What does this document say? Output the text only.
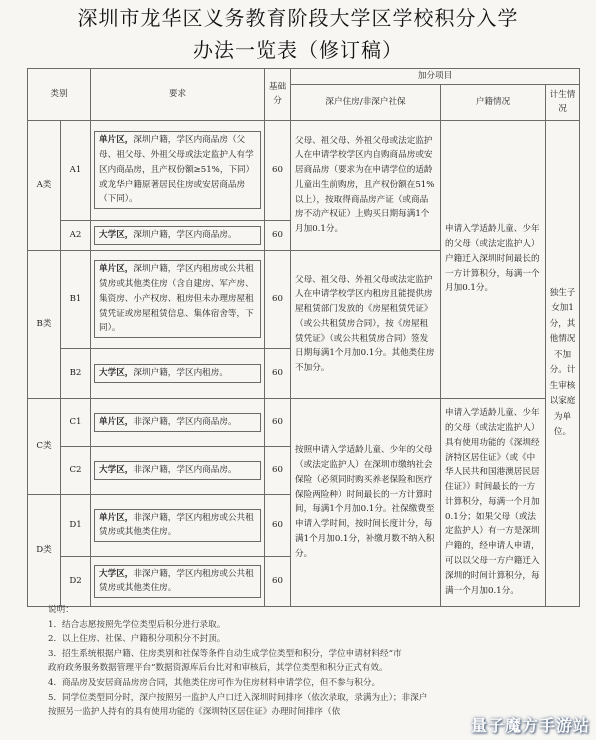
深圳市龙华区义务教育阶段大学区学校积分入学
办法一览表（修订稿）
类别		要求	基础分	加分项目		
				深户住房/非深户社保	户籍情况	计生情况
A类	A1	单片区，深圳户籍，学区内商品房（父母、祖父母、外祖父母或法定监护人有学区内商品房，且产权份额≥51%，下同）或龙华户籍原著居民住房或安居商品房（下同）。	60	父母、祖父母、外祖父母或法定监护人在申请学校学区内自购商品房或安居商品房（要求为在申请学位的适龄儿童出生前购房，且产权份额在51%以上），按取得商品房产证（或商品房不动产权证）上购买日期每满1个月加0.1分。	申请入学适龄儿童、少年的父母（或法定监护人）户籍迁入深圳时间最长的一方计算积分，每满一个月加0.1分。	独生子女加1分，其他情况不加分。计生审核以家庭为单位。
	A2	大学区，深圳户籍，学区内商品房。	60			
B类	B1	单片区，深圳户籍，学区内租房或公共租赁房或其他类住房（含自建房、军产房、集资房、小产权房、租房但未办理房屋租赁凭证或房屋租赁信息、集体宿舍等，下同）。	60	父母、祖父母、外祖父母或法定监护人在申请学校学区内租房且能提供房屋租赁部门发放的《房屋租赁凭证》（或公共租赁房合同），按《房屋租赁凭证》（或公共租赁房合同）签发日期每满1个月加0.1分。其他类住房不加分。		
	B2	大学区，深圳户籍，学区内租房。	60			
C类	C1	单片区，非深户籍，学区内商品房。	60	按照申请入学适龄儿童、少年的父母（或法定监护人）在深圳市缴纳社会保险（必须同时购买养老保险和医疗保险两险种）时间最长的一方计算时间，每满1个月加0.1分。社保缴费至申请入学时间，按时间长度计分，每满1个月加0.1分，补缴月数不纳入积分。	申请入学适龄儿童、少年的父母（或法定监护人）具有使用功能的《深圳经济特区居住证》（或《中华人民共和国港澳居民居住证》）时间最长的一方计算积分，每满一个月加0.1分；如果父母（或法定监护人）有一方是深圳户籍的，经申请人申请，可以以父母一方户籍迁入深圳的时间计算积分，每满一个月加0.1分。	
	C2	大学区，非深户籍，学区内商品房。	60			
D类	D1	单片区，非深户籍，学区内租房或公共租赁房或其他类住房。	60			
	D2	大学区，非深户籍，学区内租房或公共租赁房或其他类住房。	60			

说明：

1．结合志愿按照先学位类型后积分进行录取。

2．以上住房、社保、户籍积分项积分不封顶。

3．招生系统根据户籍、住房类别和社保等条件自动生成学位类型和积分，学位申请材料经“市

政府政务服务数据管理平台”数据资源库后台比对和审核后，其学位类型和积分正式有效。

4．商品房及安居商品房房合同，其他类住房可作为住房材料申请学位，但不参与积分。

5．同学位类型同分时，深户按照另一监护人户口迁入深圳时间排序（依次录取，录满为止）；非深户

按照另一监护人持有的具有使用功能的《深圳特区居住证》办理时间排序（依

量子魔方手游站
